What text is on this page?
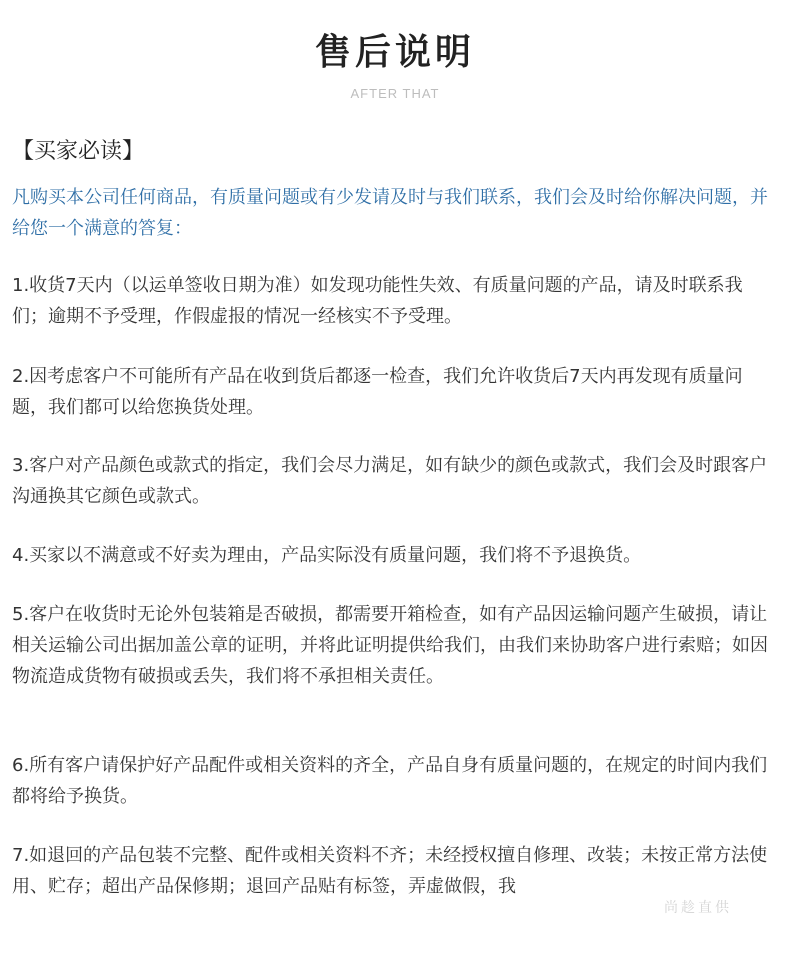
售后说明
AFTER THAT
【买家必读】
凡购买本公司任何商品，有质量问题或有少发请及时与我们联系，我们会及时给你解决问题，并给您一个满意的答复：
1.收货7天内（以运单签收日期为准）如发现功能性失效、有质量问题的产品，请及时联系我们；逾期不予受理，作假虚报的情况一经核实不予受理。
2.因考虑客户不可能所有产品在收到货后都逐一检查，我们允许收货后7天内再发现有质量问题，我们都可以给您换货处理。
3.客户对产品颜色或款式的指定，我们会尽力满足，如有缺少的颜色或款式，我们会及时跟客户沟通换其它颜色或款式。
4.买家以不满意或不好卖为理由，产品实际没有质量问题，我们将不予退换货。
5.客户在收货时无论外包装箱是否破损，都需要开箱检查，如有产品因运输问题产生破损，请让相关运输公司出据加盖公章的证明，并将此证明提供给我们，由我们来协助客户进行索赔；如因物流造成货物有破损或丢失，我们将不承担相关责任。
6.所有客户请保护好产品配件或相关资料的齐全，产品自身有质量问题的，在规定的时间内我们都将给予换货。
7.如退回的产品包装不完整、配件或相关资料不齐；未经授权擅自修理、改装；未按正常方法使用、贮存；超出产品保修期；退回产品贴有标签，弄虚做假，我
尚趁直供
